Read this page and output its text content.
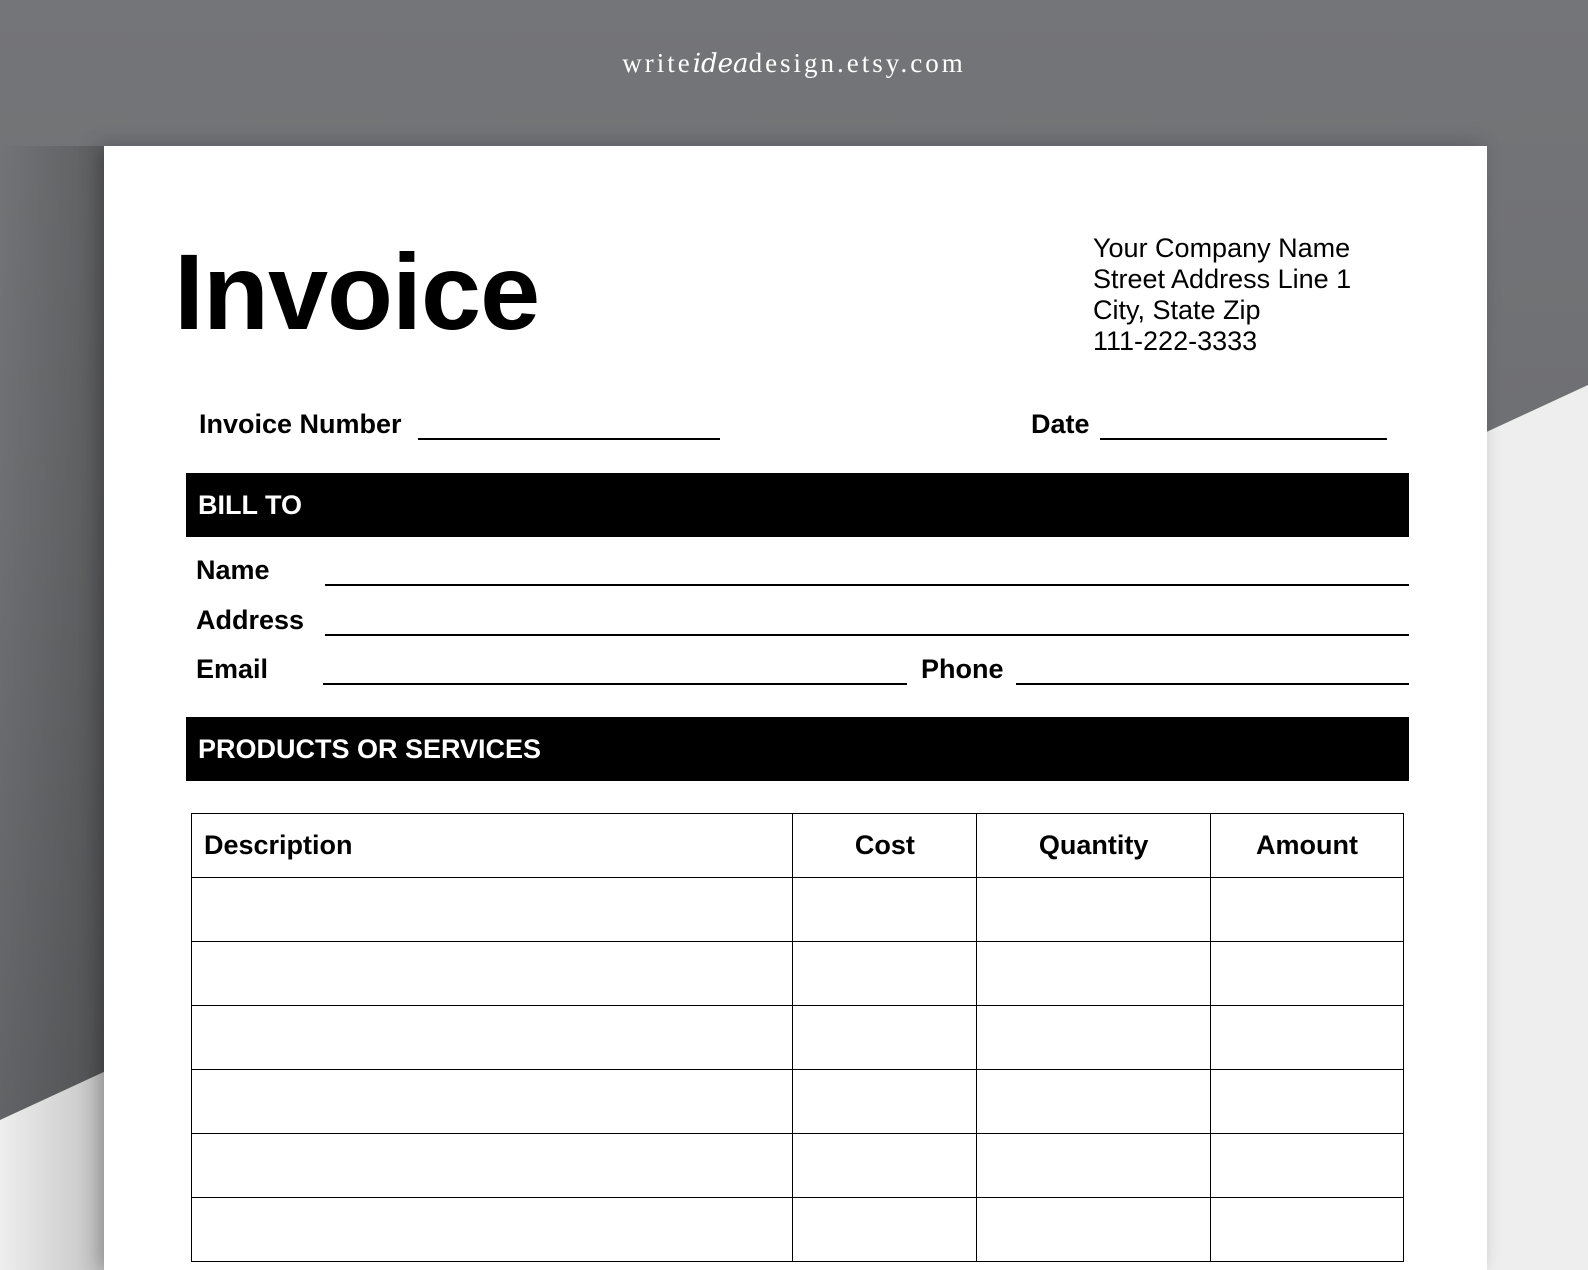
writeideadesign.etsy.com
Invoice	Your Company Name
Street Address Line 1
City, State Zip
111-222-3333
Invoice Number	Date
BILL TO
Name
Address
Email	Phone
PRODUCTS OR SERVICES
Description	Cost	Quantity	Amount
